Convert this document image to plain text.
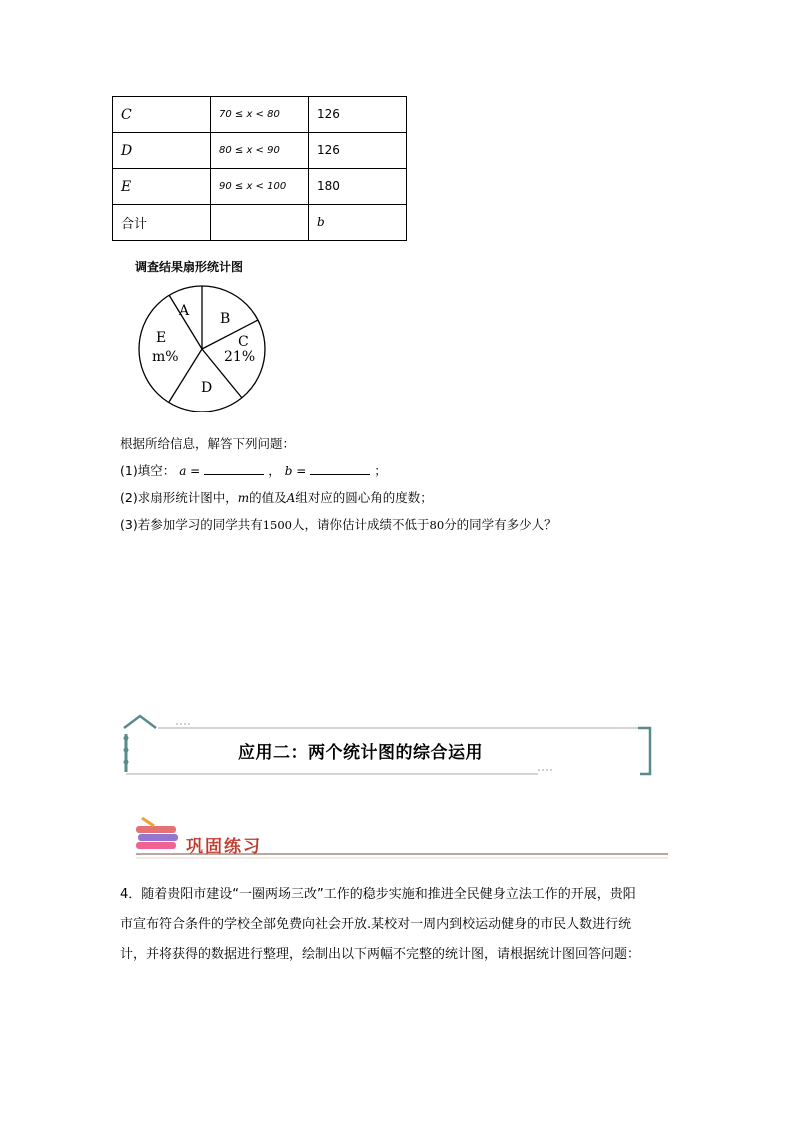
C	70 ≤ x < 80	126
D	80 ≤ x < 90	126
E	90 ≤ x < 100	180
合计		b
调查结果扇形统计图
A B
C
21%
D
E
m%
根据所给信息，解答下列问题：
(1)填空： a =	， b =	；
(2)求扇形统计图中，m的值及A组对应的圆心角的度数；
(3)若参加学习的同学共有1500人，请你估计成绩不低于80分的同学有多少人？
应用二：两个统计图的综合运用
巩固练习

4．随着贵阳市建设“一圈两场三改”工作的稳步实施和推进全民健身立法工作的开展，贵阳

市宣布符合条件的学校全部免费向社会开放.某校对一周内到校运动健身的市民人数进行统

计，并将获得的数据进行整理，绘制出以下两幅不完整的统计图，请根据统计图回答问题：
